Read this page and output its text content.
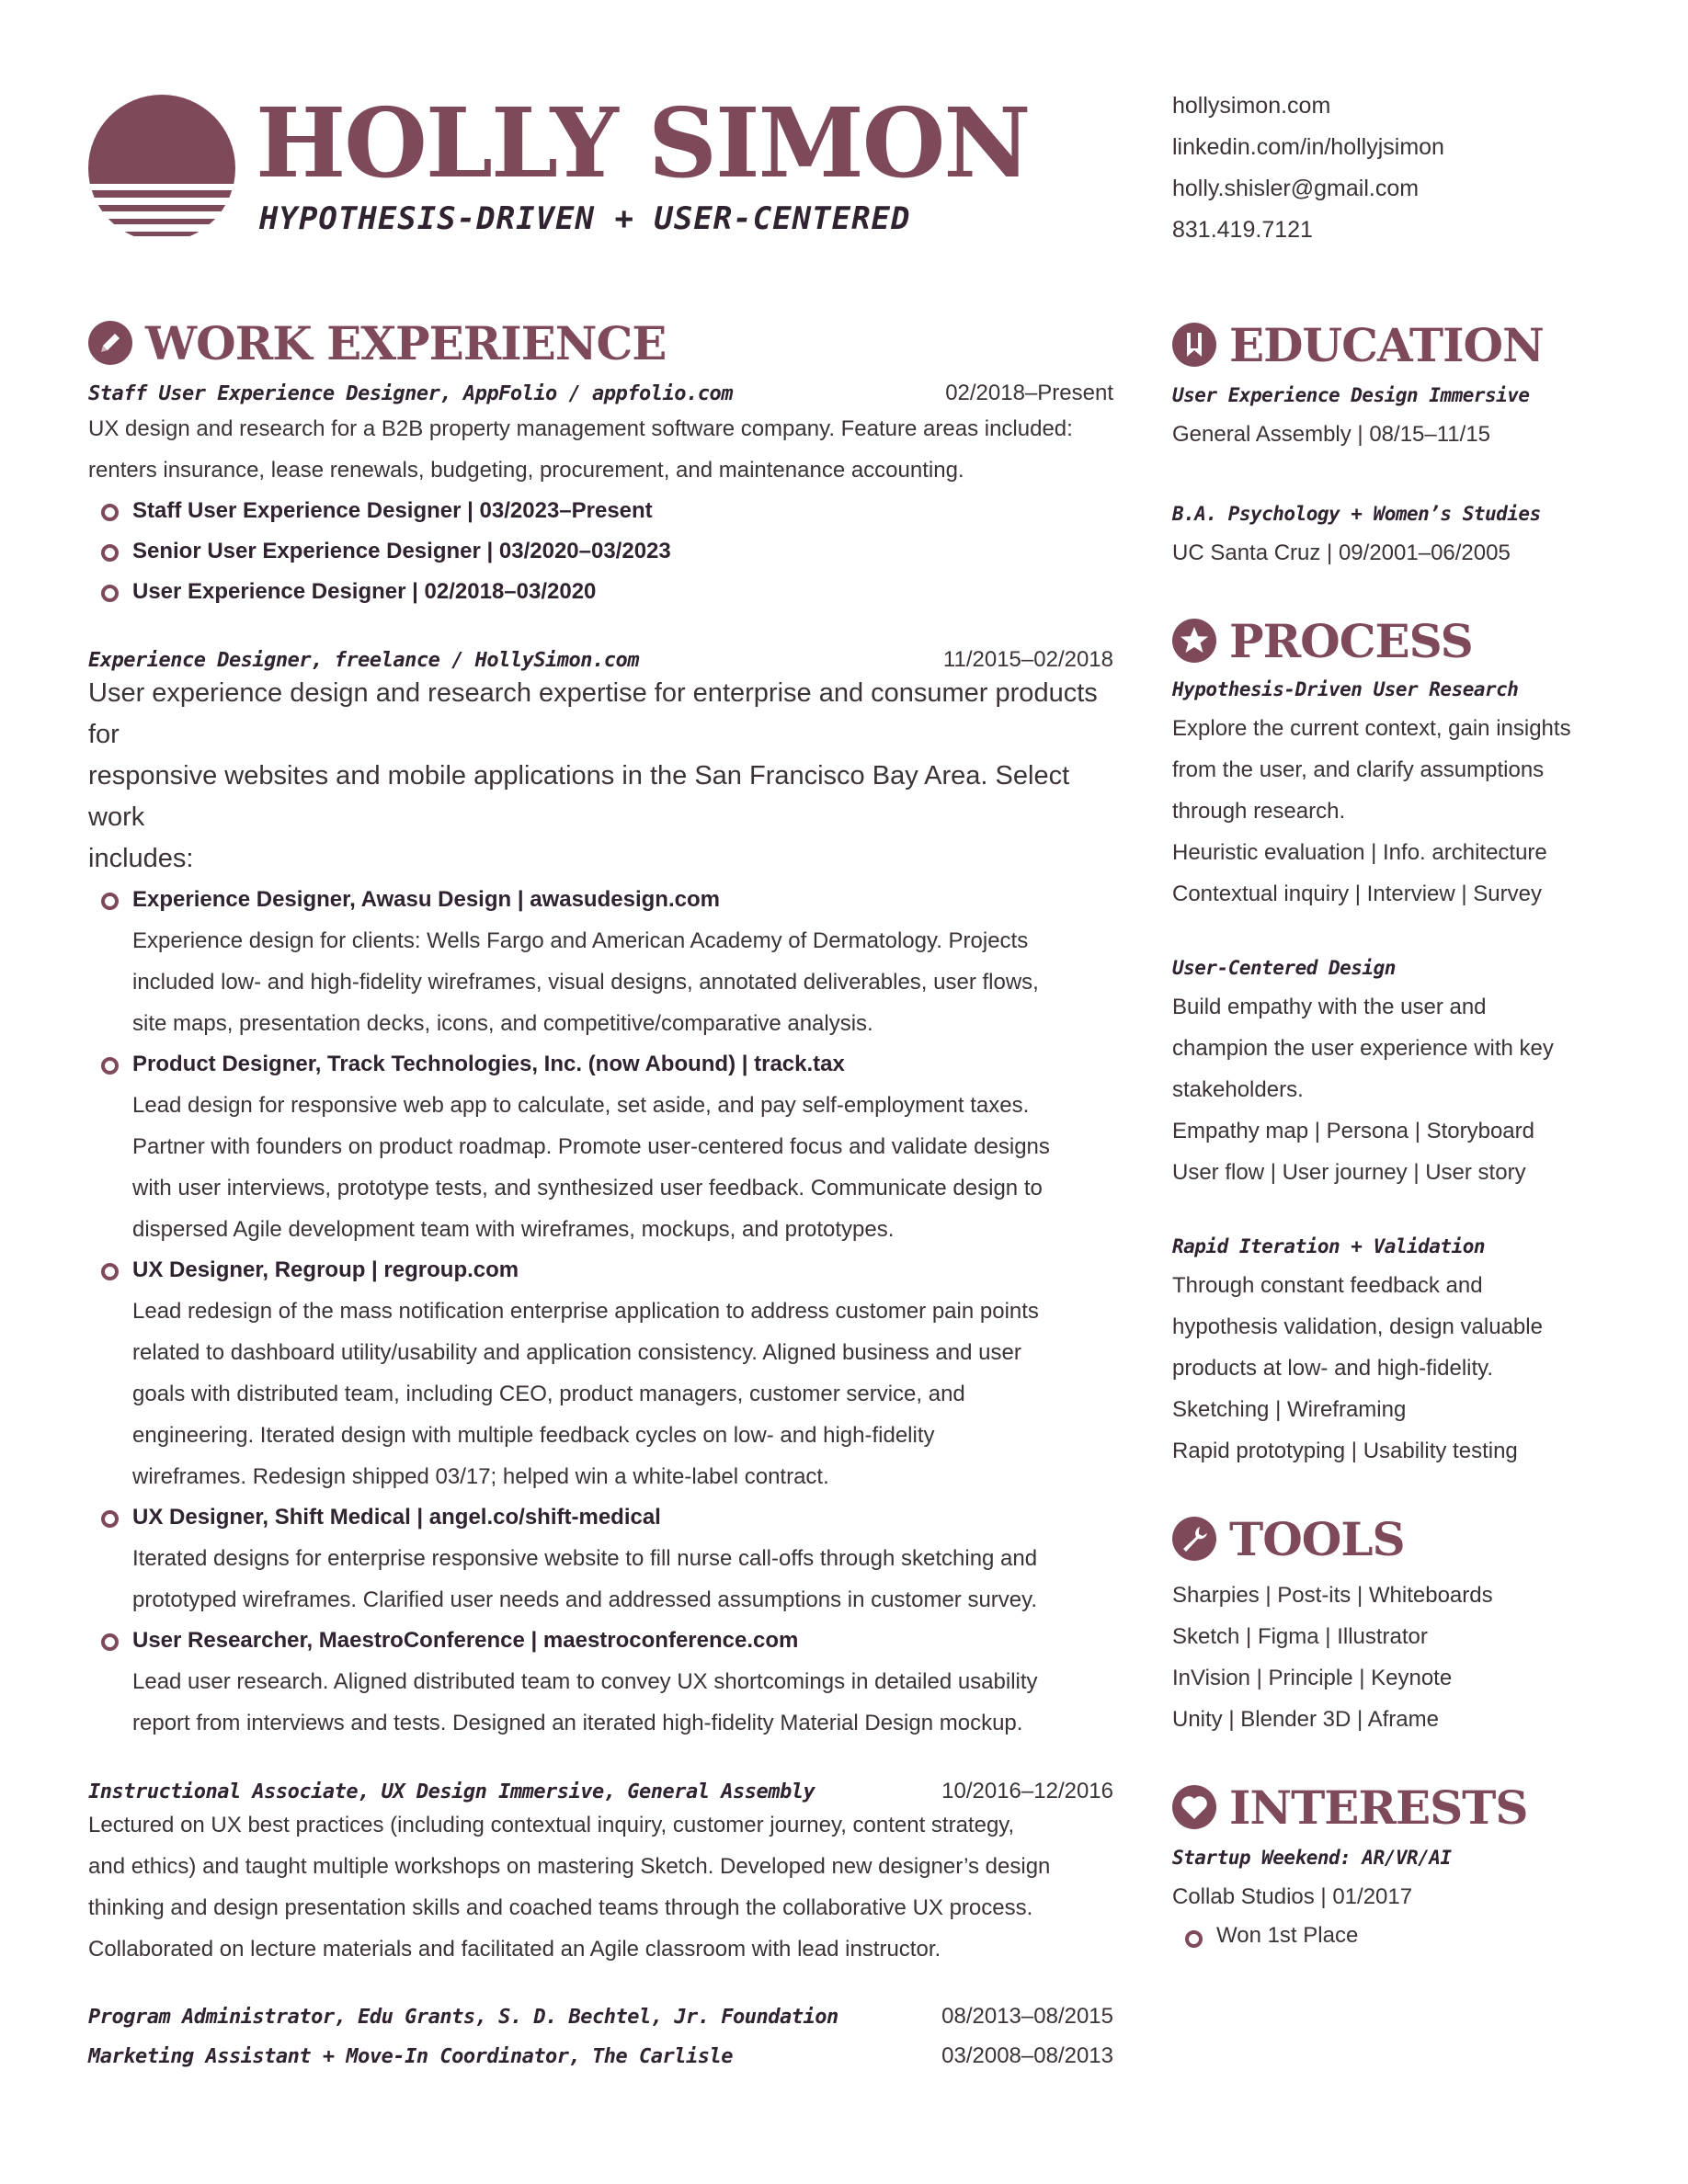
HOLLY SIMON
HYPOTHESIS-DRIVEN + USER-CENTERED
hollysimon.com
linkedin.com/in/hollyjsimon
holly.shisler@gmail.com
831.419.7121
WORK EXPERIENCE
Staff User Experience Designer, AppFolio / appfolio.com	02/2018–Present

UX design and research for a B2B property management software company. Feature areas included:
renters insurance, lease renewals, budgeting, procurement, and maintenance accounting.

Staff User Experience Designer | 03/2023–Present
Senior User Experience Designer | 03/2020–03/2023
User Experience Designer | 02/2018–03/2020
Experience Designer, freelance / HollySimon.com	11/2015–02/2018

User experience design and research expertise for enterprise and consumer products for
responsive websites and mobile applications in the San Francisco Bay Area. Select work
includes:

Experience Designer, Awasu Design | awasudesign.com

Experience design for clients: Wells Fargo and American Academy of Dermatology. Projects
included low- and high-fidelity wireframes, visual designs, annotated deliverables, user flows,
site maps, presentation decks, icons, and competitive/comparative analysis.

Product Designer, Track Technologies, Inc. (now Abound) | track.tax

Lead design for responsive web app to calculate, set aside, and pay self-employment taxes.
Partner with founders on product roadmap. Promote user-centered focus and validate designs
with user interviews, prototype tests, and synthesized user feedback. Communicate design to
dispersed Agile development team with wireframes, mockups, and prototypes.

UX Designer, Regroup | regroup.com

Lead redesign of the mass notification enterprise application to address customer pain points
related to dashboard utility/usability and application consistency. Aligned business and user
goals with distributed team, including CEO, product managers, customer service, and
engineering. Iterated design with multiple feedback cycles on low- and high-fidelity
wireframes. Redesign shipped 03/17; helped win a white-label contract.

UX Designer, Shift Medical | angel.co/shift-medical

Iterated designs for enterprise responsive website to fill nurse call-offs through sketching and
prototyped wireframes. Clarified user needs and addressed assumptions in customer survey.

User Researcher, MaestroConference | maestroconference.com

Lead user research. Aligned distributed team to convey UX shortcomings in detailed usability
report from interviews and tests. Designed an iterated high-fidelity Material Design mockup.

Instructional Associate, UX Design Immersive, General Assembly	10/2016–12/2016

Lectured on UX best practices (including contextual inquiry, customer journey, content strategy,
and ethics) and taught multiple workshops on mastering Sketch. Developed new designer’s design
thinking and design presentation skills and coached teams through the collaborative UX process.
Collaborated on lecture materials and facilitated an Agile classroom with lead instructor.

Program Administrator, Edu Grants, S. D. Bechtel, Jr. Foundation	08/2013–08/2015
Marketing Assistant + Move-In Coordinator, The Carlisle	03/2008–08/2013
EDUCATION
User Experience Design Immersive

General Assembly | 08/15–11/15

B.A. Psychology + Women’s Studies

UC Santa Cruz | 09/2001–06/2005

PROCESS
Hypothesis-Driven User Research

Explore the current context, gain insights

from the user, and clarify assumptions

through research.

Heuristic evaluation | Info. architecture

Contextual inquiry | Interview | Survey

User-Centered Design

Build empathy with the user and

champion the user experience with key

stakeholders.

Empathy map | Persona | Storyboard

User flow | User journey | User story

Rapid Iteration + Validation

Through constant feedback and

hypothesis validation, design valuable

products at low- and high-fidelity.

Sketching | Wireframing

Rapid prototyping | Usability testing

TOOLS

Sharpies | Post-its | Whiteboards

Sketch | Figma | Illustrator

InVision | Principle | Keynote

Unity | Blender 3D | Aframe

INTERESTS
Startup Weekend: AR/VR/AI

Collab Studios | 01/2017

Won 1st Place
